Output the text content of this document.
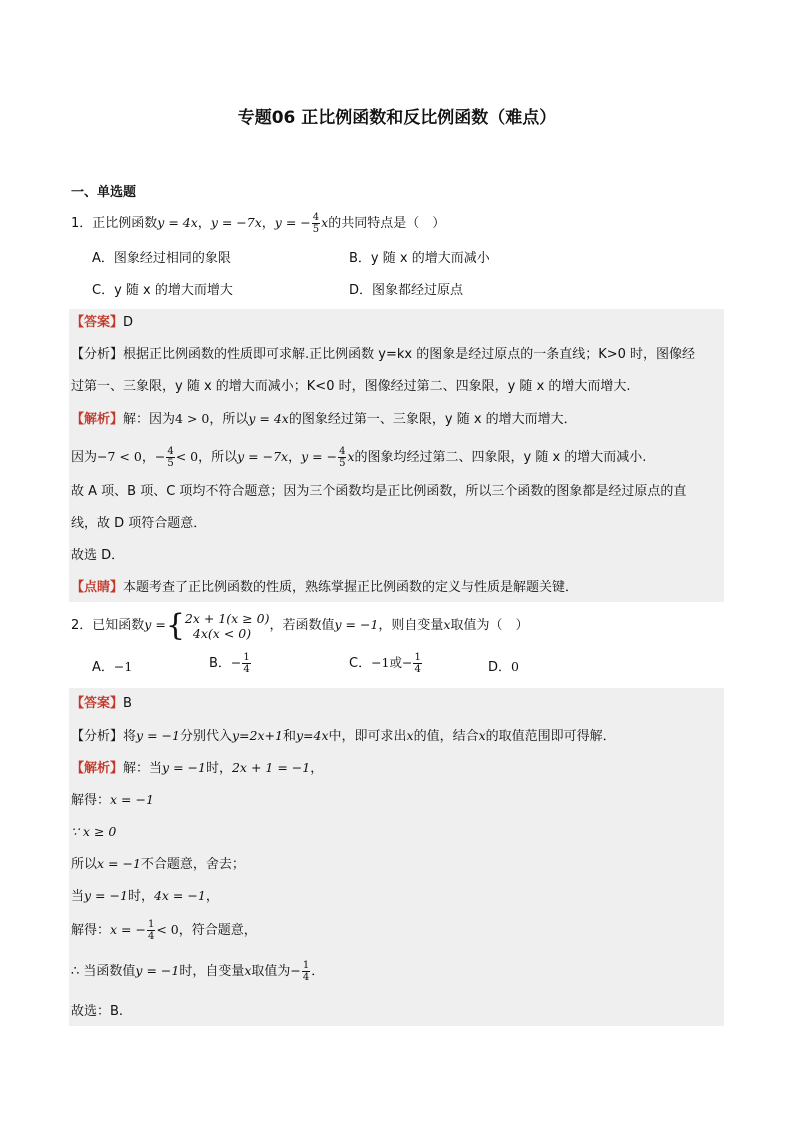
专题06 正比例函数和反比例函数（难点）
一、单选题
1．正比例函数y = 4x，y = −7x，y = − $\frac{4}{5}$ x的共同特点是（　）
A．图象经过相同的象限	B．y 随 x 的增大而减小
C．y 随 x 的增大而增大	D．图象都经过原点
【答案】D
【分析】根据正比例函数的性质即可求解.正比例函数 y=kx 的图象是经过原点的一条直线；K>0 时，图像经
过第一、三象限，y 随 x 的增大而减小；K<0 时，图像经过第二、四象限，y 随 x 的增大而增大.
【解析】解：因为4 > 0，所以y = 4x的图象经过第一、三象限，y 随 x 的增大而增大．
因为−7 < 0，− $\frac{4}{5} < 0$，所以y = −7x，y = − $\frac{4}{5}$ x的图象均经过第二、四象限，y 随 x 的增大而减小.
故 A 项、B 项、C 项均不符合题意；因为三个函数均是正比例函数，所以三个函数的图象都是经过原点的直
线，故 D 项符合题意．
故选 D．
【点睛】本题考查了正比例函数的性质，熟练掌握正比例函数的定义与性质是解题关键．
2．已知函数y ={ 2x + 1(x ≥ 0)
4x(x < 0)	，若函数值y = −1，则自变量x取值为（　）
A．−1	B．− $\frac{1}{4}$	C．−1或− $\frac{1}{4}$	D．0
【答案】B
【分析】将y = −1分别代入y=2x+1和y=4x中，即可求出x的值，结合x的取值范围即可得解．
【解析】解：当y = −1时，2x + 1 = −1，
解得：x = −1
∵ x ≥ 0
所以x = −1不合题意，舍去；
当y = −1时，4x = −1，
解得：x = − $\frac{1}{4} < 0$，符合题意，
∴ 当函数值y = −1时，自变量x取值为− $\frac{1}{4}$ ．
故选：B.
